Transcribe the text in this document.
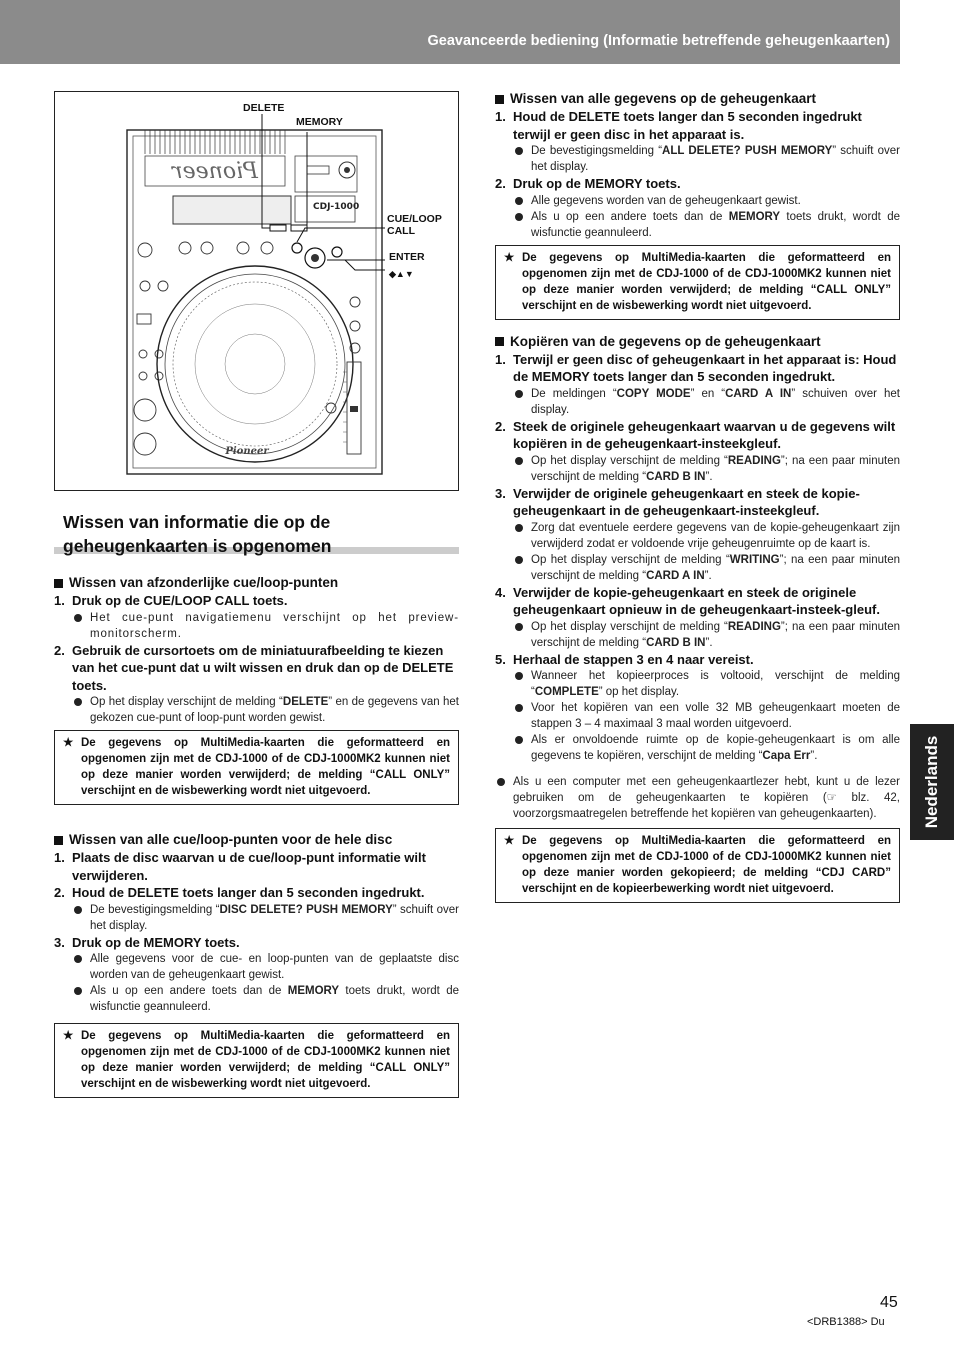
Geavanceerde bediening (Informatie betreffende geheugenkaarten)
Nederlands
Pioneer
CDJ-1000
Pioneer
DELETE
MEMORY
CUE/LOOP CALL
ENTER
◆▲▼
Wissen van informatie die op de geheugenkaarten is opgenomen
Wissen van afzonderlijke cue/loop-punten
1. Druk op de CUE/LOOP CALL toets.
Het cue-punt navigatiemenu verschijnt op het preview-monitorscherm.
2. Gebruik de cursortoets om de miniatuurafbeelding te kiezen van het cue-punt dat u wilt wissen en druk dan op de DELETE toets.
Op het display verschijnt de melding “DELETE” en de gegevens van het gekozen cue-punt of loop-punt worden gewist.
★ De gegevens op MultiMedia-kaarten die geformatteerd en opgenomen zijn met de CDJ-1000 of de CDJ-1000MK2 kunnen niet op deze manier worden verwijderd; de melding “CALL ONLY” verschijnt en de wisbewerking wordt niet uitgevoerd.
Wissen van alle cue/loop-punten voor de hele disc
1. Plaats de disc waarvan u de cue/loop-punt informatie wilt verwijderen.
2. Houd de DELETE toets langer dan 5 seconden ingedrukt.
De bevestigingsmelding “DISC DELETE? PUSH MEMORY” schuift over het display.
3. Druk op de MEMORY toets.
Alle gegevens voor de cue- en loop-punten van de geplaatste disc worden van de geheugenkaart gewist.
Als u op een andere toets dan de MEMORY toets drukt, wordt de wisfunctie geannuleerd.
★ De gegevens op MultiMedia-kaarten die geformatteerd en opgenomen zijn met de CDJ-1000 of de CDJ-1000MK2 kunnen niet op deze manier worden verwijderd; de melding “CALL ONLY” verschijnt en de wisbewerking wordt niet uitgevoerd.
Wissen van alle gegevens op de geheugenkaart
1. Houd de DELETE toets langer dan 5 seconden ingedrukt terwijl er geen disc in het apparaat is.
De bevestigingsmelding “ALL DELETE? PUSH MEMORY” schuift over het display.
2. Druk op de MEMORY toets.
Alle gegevens worden van de geheugenkaart gewist.
Als u op een andere toets dan de MEMORY toets drukt, wordt de wisfunctie geannuleerd.
★ De gegevens op MultiMedia-kaarten die geformatteerd en opgenomen zijn met de CDJ-1000 of de CDJ-1000MK2 kunnen niet op deze manier worden verwijderd; de melding “CALL ONLY” verschijnt en de wisbewerking wordt niet uitgevoerd.
Kopiëren van de gegevens op de geheugenkaart
1. Terwijl er geen disc of geheugenkaart in het apparaat is: Houd de MEMORY toets langer dan 5 seconden ingedrukt.
De meldingen “COPY MODE” en “CARD A IN” schuiven over het display.
2. Steek de originele geheugenkaart waarvan u de gegevens wilt kopiëren in de geheugenkaart-insteekgleuf.
Op het display verschijnt de melding “READING”; na een paar minuten verschijnt de melding “CARD B IN”.
3. Verwijder de originele geheugenkaart en steek de kopie-geheugenkaart in de geheugenkaart-insteekgleuf.
Zorg dat eventuele eerdere gegevens van de kopie-geheugenkaart zijn verwijderd zodat er voldoende vrije geheugenruimte op de kaart is.
Op het display verschijnt de melding “WRITING”; na een paar minuten verschijnt de melding “CARD A IN”.
4. Verwijder de kopie-geheugenkaart en steek de originele geheugenkaart opnieuw in de geheugenkaart-insteek-gleuf.
Op het display verschijnt de melding “READING”; na een paar minuten verschijnt de melding “CARD B IN”.
5. Herhaal de stappen 3 en 4 naar vereist.
Wanneer het kopieerproces is voltooid, verschijnt de melding “COMPLETE” op het display.
Voor het kopiëren van een volle 32 MB geheugenkaart moeten de stappen 3 – 4 maximaal 3 maal worden uitgevoerd.
Als er onvoldoende ruimte op de kopie-geheugenkaart is om alle gegevens te kopiëren, verschijnt de melding “Capa Err”.
Als u een computer met een geheugenkaartlezer hebt, kunt u de lezer gebruiken om de geheugenkaarten te kopiëren (☞ blz. 42, voorzorgsmaatregelen betreffende het kopiëren van geheugenkaarten).
★ De gegevens op MultiMedia-kaarten die geformatteerd en opgenomen zijn met de CDJ-1000 of de CDJ-1000MK2 kunnen niet op deze manier worden gekopieerd; de melding “CDJ CARD” verschijnt en de kopieerbewerking wordt niet uitgevoerd.
45
<DRB1388> Du
